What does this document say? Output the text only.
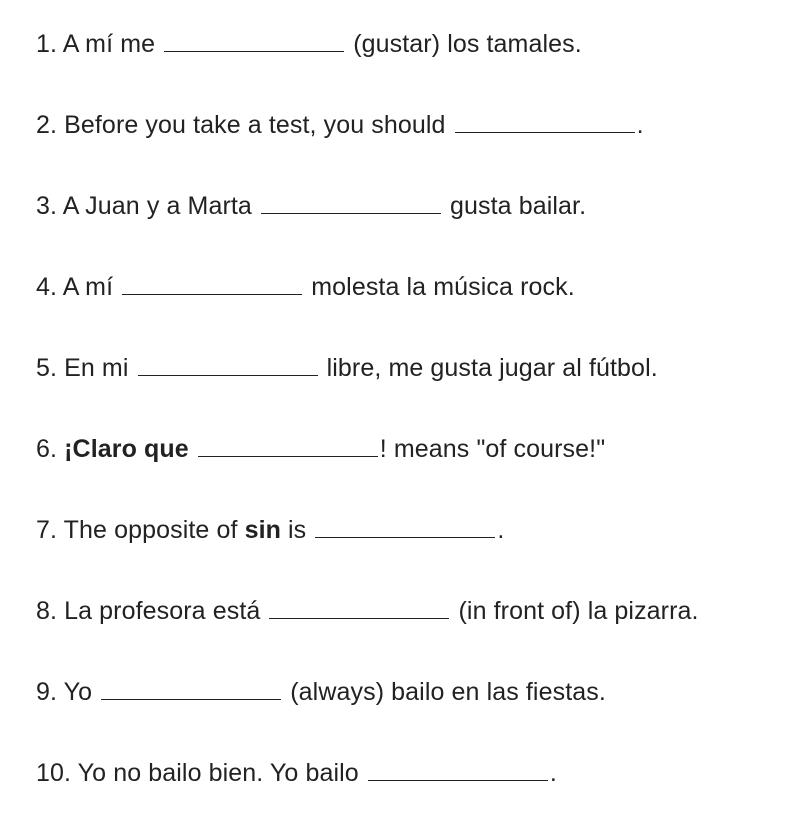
1. A mí me	(gustar) los tamales.
2. Before you take a test, you should	.
3. A Juan y a Marta	gusta bailar.
4. A mí	molesta la música rock.
5. En mi	libre, me gusta jugar al fútbol.
6. ¡Claro que	! means "of course!"
7. The opposite of sin is	.
8. La profesora está	(in front of) la pizarra.
9. Yo	(always) bailo en las fiestas.
10. Yo no bailo bien. Yo bailo	.
